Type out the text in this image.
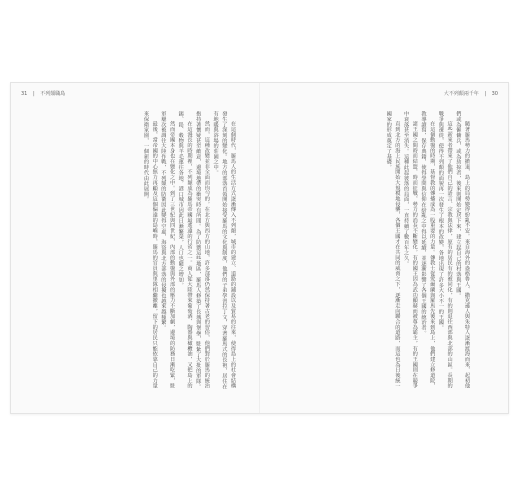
31 | 不列顛職島	大不列顛兩千年 | 30

在這個時代，羅馬人的生活方式逐漸傳入不列顛，城市的建立、道路的鋪設以及貿易的往來，使得島上的社會結構發生了深刻的變化。地方的部落首領開始接受羅馬的文化與制度，他們的子弟學習拉丁文，穿著羅馬式的長袍，居住在有地暖與浴場的莊園之中。

然而，這種改變並非全面而均勻的。在北方與西方的山地，許多部落仍然保持著古老的習俗，他們對於羅馬的統治抱持著懷疑甚至敵意，邊境地帶的衝突時有所聞。為了防禦這些地區，羅馬人修築了長城與堡壘，駐紮了大批的軍隊。

在這漫長的時期裡，不列顛成為羅馬帝國最遙遠的行省之一。商人從大陸帶來葡萄酒、陶器與橄欖油，又把島上的錫、鉛、穀物與羊毛運往各地。港口城市因此日漸繁榮，人口也隨之增加。

然而帝國本身也在變化之中。到了三世紀與四世紀，內部的動盪與外部的壓力不斷加劇，邊境的防務日漸吃緊，駐軍屢次被調往大陸作戰，不列顛的防衛因此變得空虛，海盜與北方部落的侵擾也越來越頻繁。

最後，當帝國的中心無力再顧及這個偏遠的島嶼時，羅馬的官員與軍隊相繼撤離，留下的居民只能依靠自己的力量來保衛家園，一個新的時代由此展開。	隨著羅馬勢力的撤退，島上的局勢變得紛亂不安。來自海外的盎格魯人、撒克遜人與朱特人逐漸渡海而來，起初他們或為僱傭兵，或為劫掠者，後來則開始定居下來，建立起自己的村落與王國。

這些新來者帶來了他們自己的語言、宗教與法律，原有的居民有的被同化，有的則退往西部與北部的山區。長期的戰爭與遷徙，使得不列顛的面貌再一次發生了根本的改變，各地出現了許多大小不一的王國。

在這個動盪的時期，基督教的傳播成為一股重要的力量。傳教士從愛爾蘭與羅馬先後來到島上，他們建立修道院，教導讀寫，保存典籍，使得學問與信仰在紛亂之中得以延續，並逐漸影響了各個王國的統治者。

諸王國之間時而結盟，時而征戰，勢力的消長不斷變化。有的國王因為武功顯赫而被尊為霸主，有的王國則在競爭中衰落甚至消失。這種此起彼落的局面，一直持續了數百年之久。

直到北方的海上民族開始大規模地侵襲，各個王國才在共同的威脅之下，逐漸走向聯合的道路，而這也為日後統一國家的形成奠定了基礎。
